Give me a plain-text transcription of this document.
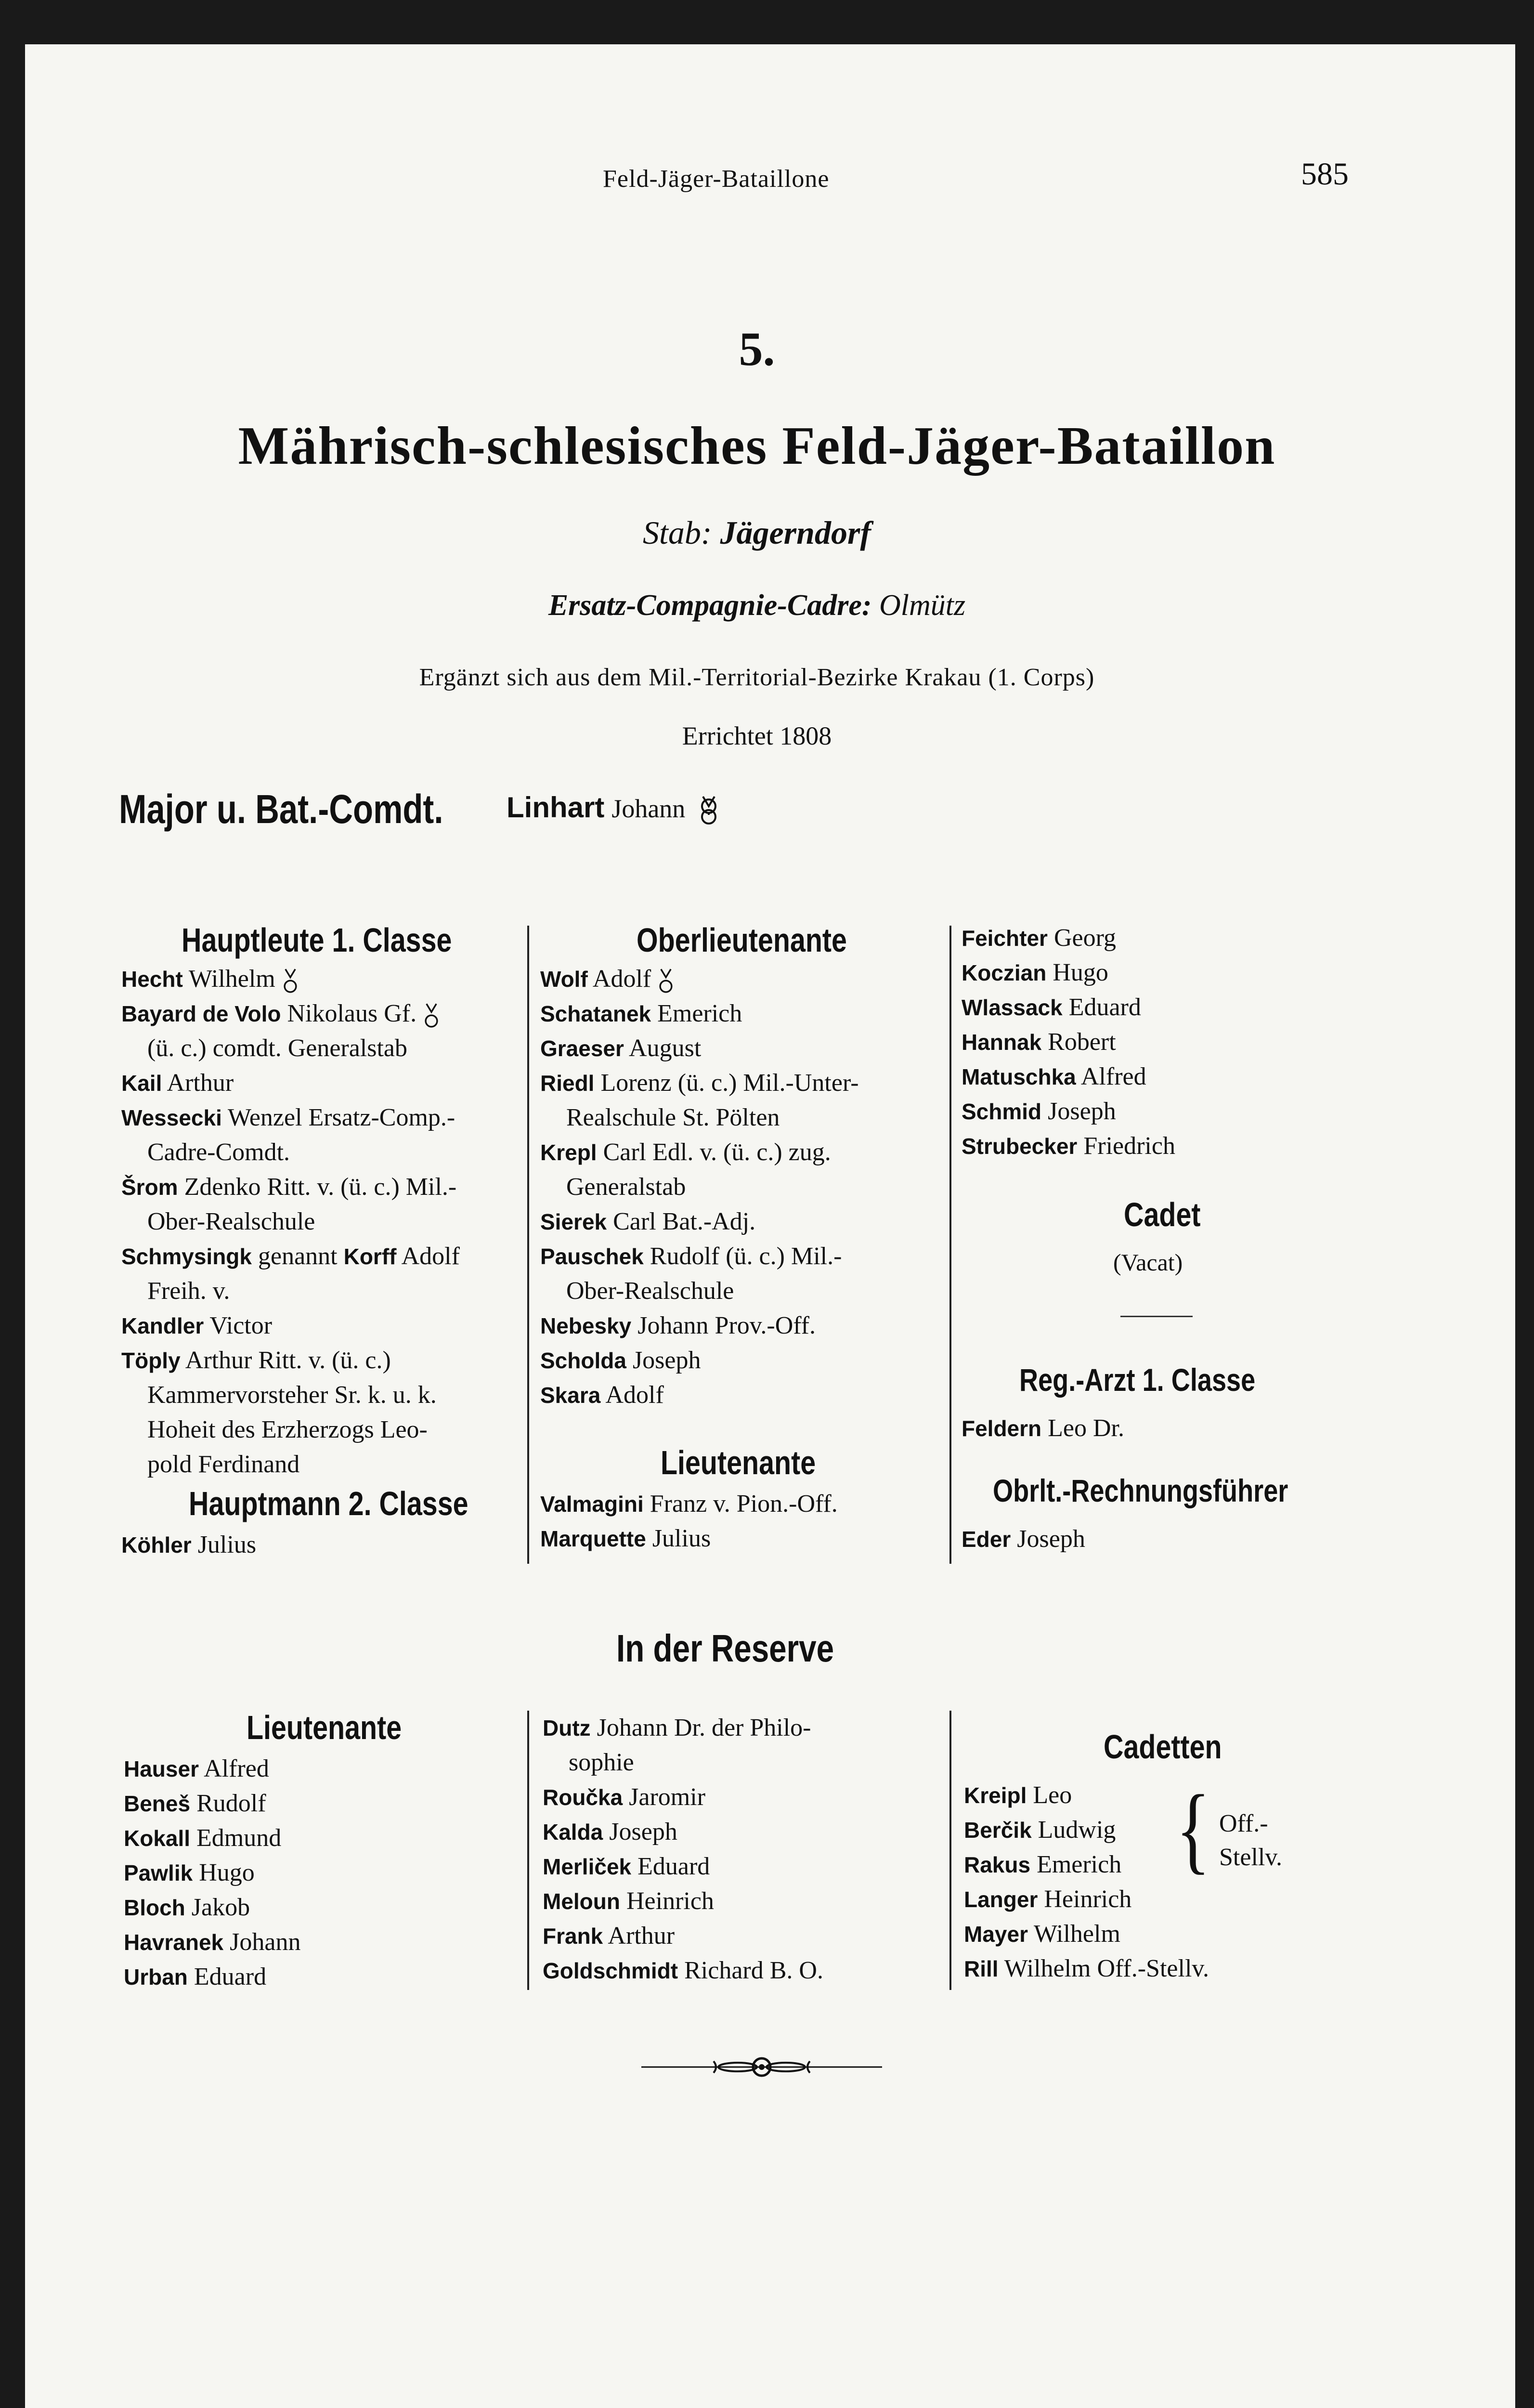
Feld-Jäger-Bataillone	585
5.
Mährisch-schlesisches Feld-Jäger-Bataillon
Stab: Jägerndorf
Ersatz-Compagnie-Cadre: Olmütz
Ergänzt sich aus dem Mil.-Territorial-Bezirke Krakau (1. Corps)
Errichtet 1808
Major u. Bat.-Comdt. Linhart Johann
Hauptleute 1. Classe
Hecht Wilhelm
Bayard de Volo Nikolaus Gf.
(ü. c.) comdt. Generalstab
Kail Arthur
Wessecki Wenzel Ersatz-Comp.-
Cadre-Comdt.
Šrom Zdenko Ritt. v. (ü. c.) Mil.-
Ober-Realschule
Schmysingk genannt Korff Adolf
Freih. v.
Kandler Victor
Töply Arthur Ritt. v. (ü. c.)
Kammervorsteher Sr. k. u. k.
Hoheit des Erzherzogs Leo-
pold Ferdinand
Hauptmann 2. Classe
Köhler Julius
Oberlieutenante
Wolf Adolf
Schatanek Emerich
Graeser August
Riedl Lorenz (ü. c.) Mil.-Unter-
Realschule St. Pölten
Krepl Carl Edl. v. (ü. c.) zug.
Generalstab
Sierek Carl Bat.-Adj.
Pauschek Rudolf (ü. c.) Mil.-
Ober-Realschule
Nebesky Johann Prov.-Off.
Scholda Joseph
Skara Adolf
Lieutenante
Valmagini Franz v. Pion.-Off.
Marquette Julius
Feichter Georg
Koczian Hugo
Wlassack Eduard
Hannak Robert
Matuschka Alfred
Schmid Joseph
Strubecker Friedrich
Cadet
(Vacat)
Reg.-Arzt 1. Classe
Feldern Leo Dr.
Obrlt.-Rechnungsführer
Eder Joseph
In der Reserve
Lieutenante
Hauser Alfred
Beneš Rudolf
Kokall Edmund
Pawlik Hugo
Bloch Jakob
Havranek Johann
Urban Eduard
Dutz Johann Dr. der Philo-
sophie
Roučka Jaromir
Kalda Joseph
Merliček Eduard
Meloun Heinrich
Frank Arthur
Goldschmidt Richard B. O.
Cadetten
Kreipl Leo
Berčik Ludwig
Rakus Emerich
Langer Heinrich
Mayer Wilhelm
Rill Wilhelm Off.-Stellv.
{ Off.-
Stellv.
